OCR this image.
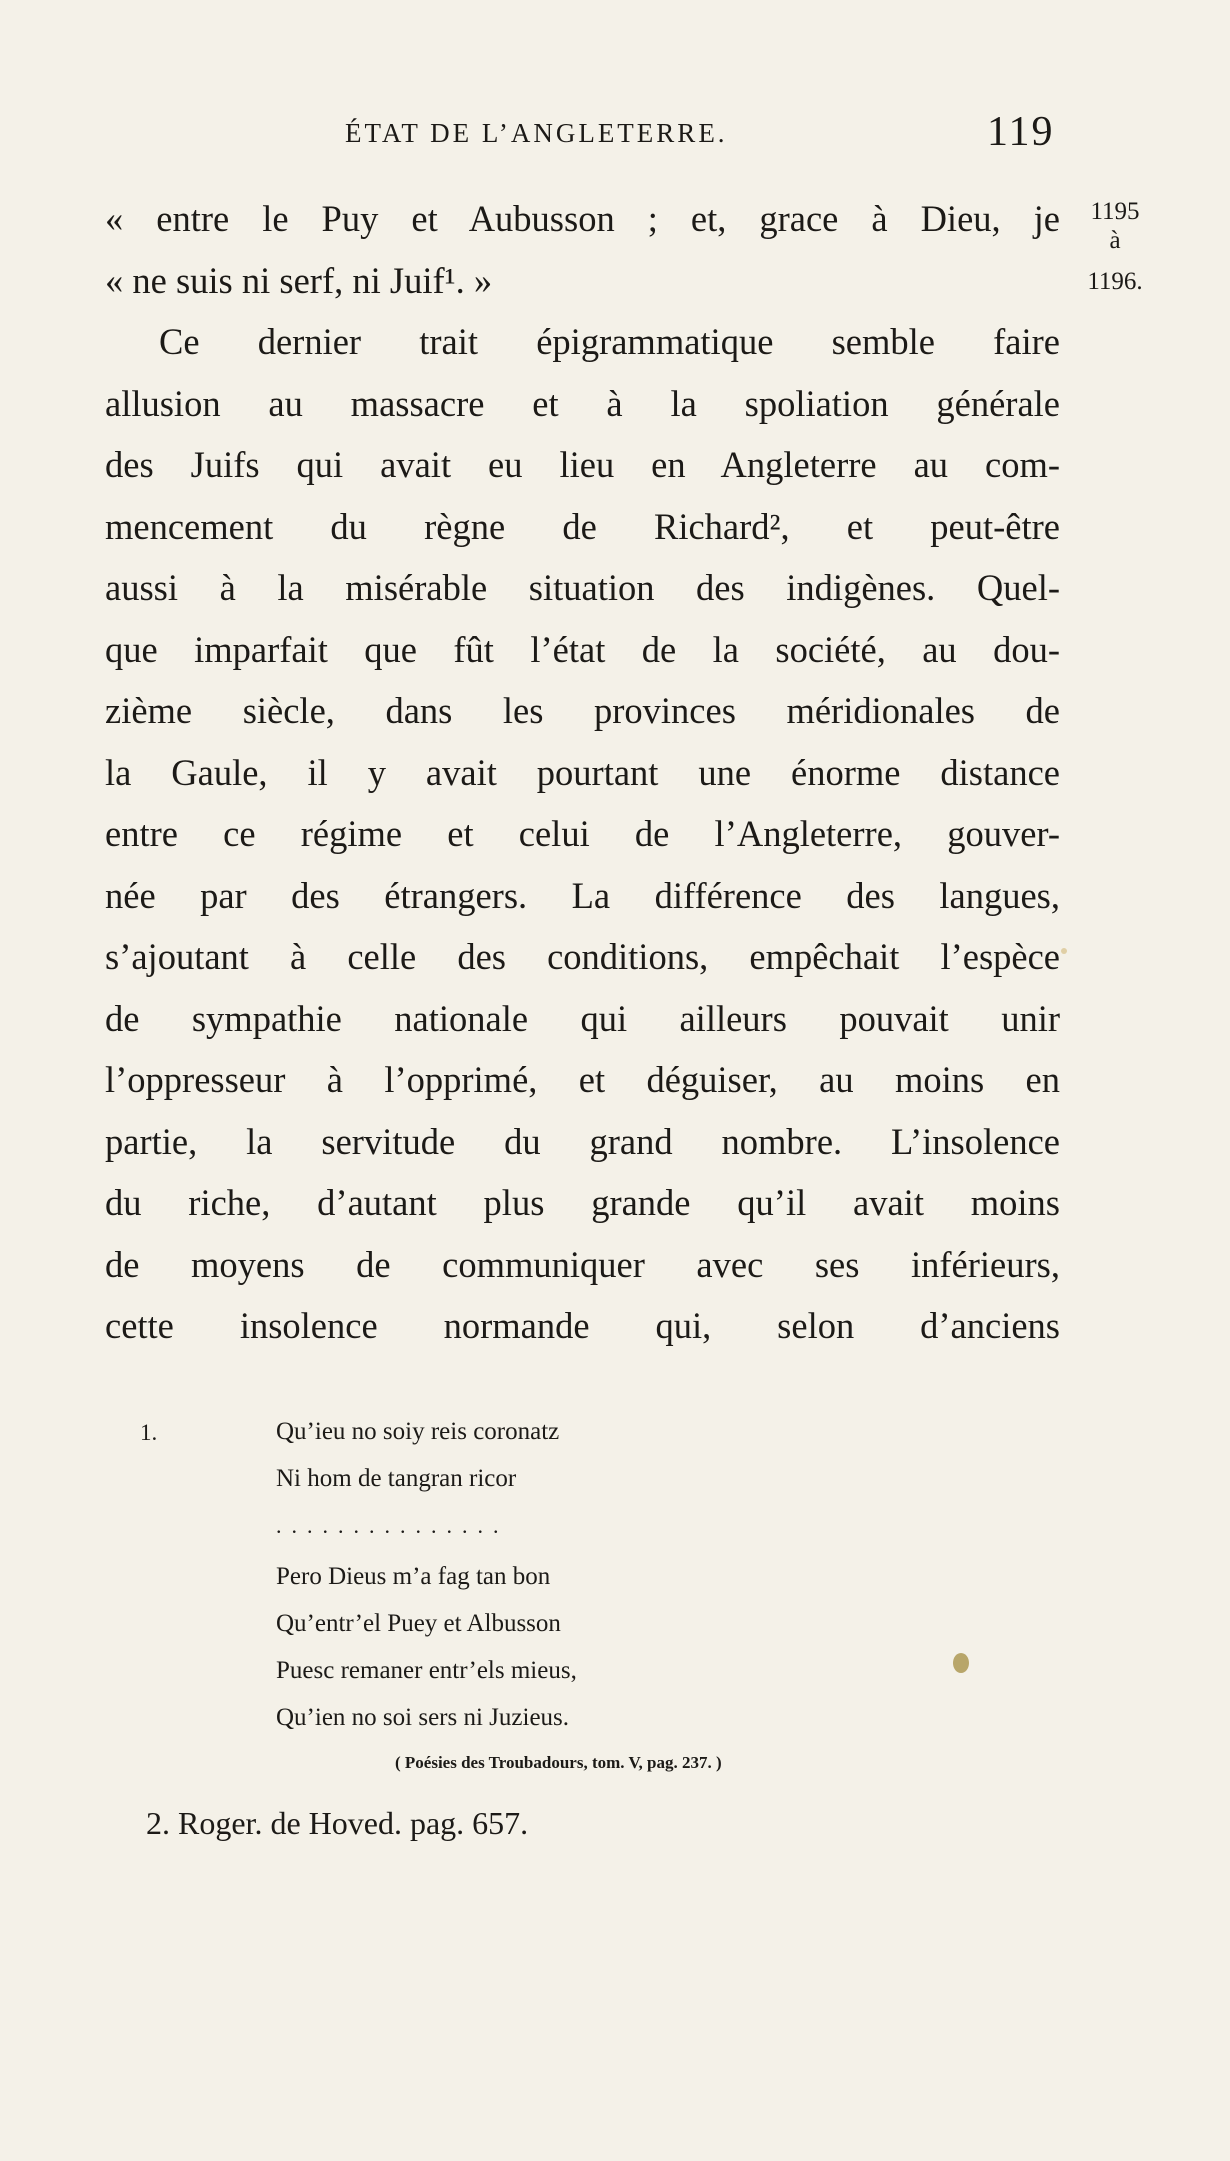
ÉTAT DE L’ANGLETERRE.	119
1195
à
1196.
« entre le Puy et Aubusson ; et, grace à Dieu, je
« ne suis ni serf, ni Juif¹. »
Ce dernier trait épigrammatique semble faire
allusion au massacre et à la spoliation générale
des Juifs qui avait eu lieu en Angleterre au com-
mencement du règne de Richard², et peut-être
aussi à la misérable situation des indigènes. Quel-
que imparfait que fût l’état de la société, au dou-
zième siècle, dans les provinces méridionales de
la Gaule, il y avait pourtant une énorme distance
entre ce régime et celui de l’Angleterre, gouver-
née par des étrangers. La différence des langues,
s’ajoutant à celle des conditions, empêchait l’espèce
de sympathie nationale qui ailleurs pouvait unir
l’oppresseur à l’opprimé, et déguiser, au moins en
partie, la servitude du grand nombre. L’insolence
du riche, d’autant plus grande qu’il avait moins
de moyens de communiquer avec ses inférieurs,
cette insolence normande qui, selon d’anciens
1.	Qu’ieu no soiy reis coronatz
Ni hom de tangran ricor
...............
Pero Dieus m’a fag tan bon
Qu’entr’el Puey et Albusson
Puesc remaner entr’els mieus,
Qu’ien no soi sers ni Juzieus.
( Poésies des Troubadours, tom. V, pag. 237. )
2. Roger. de Hoved. pag. 657.
